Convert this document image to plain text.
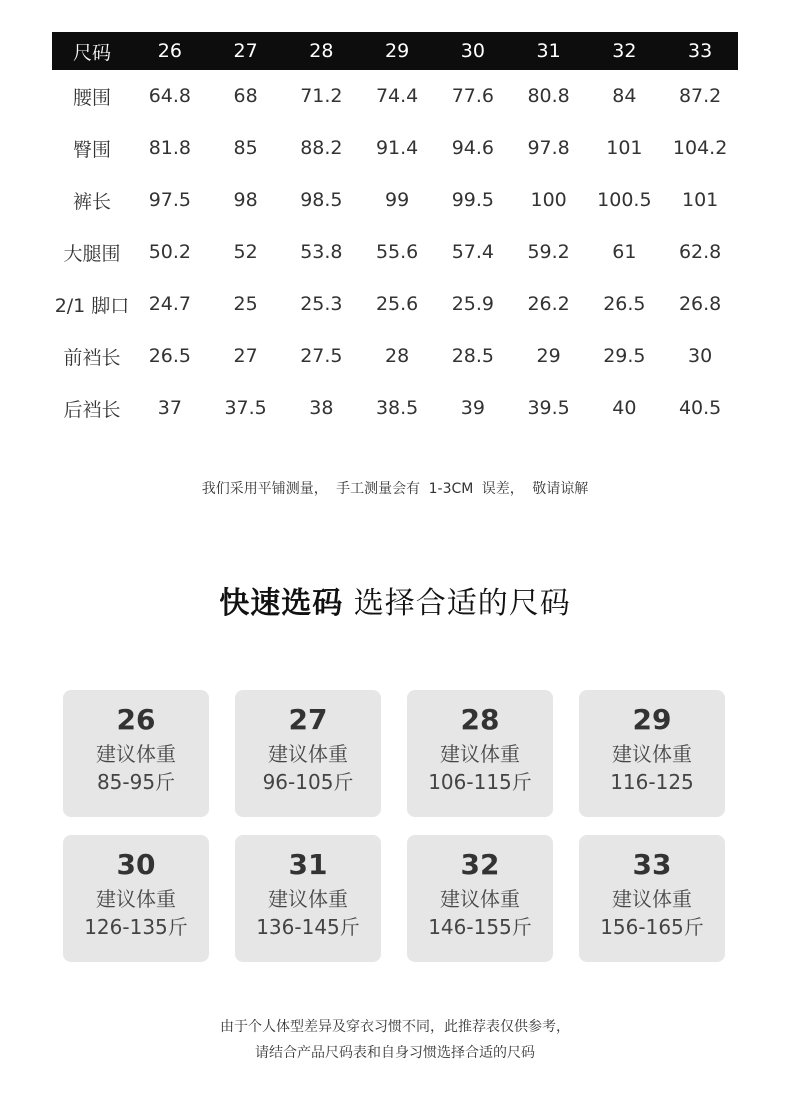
尺码	26	27	28	29	30	31	32	33
腰围	64.8	68	71.2	74.4	77.6	80.8	84	87.2
臀围	81.8	85	88.2	91.4	94.6	97.8	101	104.2
裤长	97.5	98	98.5	99	99.5	100	100.5	101
大腿围	50.2	52	53.8	55.6	57.4	59.2	61	62.8
2/1 脚口	24.7	25	25.3	25.6	25.9	26.2	26.5	26.8
前裆长	26.5	27	27.5	28	28.5	29	29.5	30
后裆长	37	37.5	38	38.5	39	39.5	40	40.5
我们采用平铺测量， 手工测量会有 1-3CM 误差， 敬请谅解
快速选码 选择合适的尺码
26
建议体重
85-95斤
27
建议体重
96-105斤
28
建议体重
106-115斤
29
建议体重
116-125
30
建议体重
126-135斤
31
建议体重
136-145斤
32
建议体重
146-155斤
33
建议体重
156-165斤
由于个人体型差异及穿衣习惯不同，此推荐表仅供参考，
请结合产品尺码表和自身习惯选择合适的尺码
